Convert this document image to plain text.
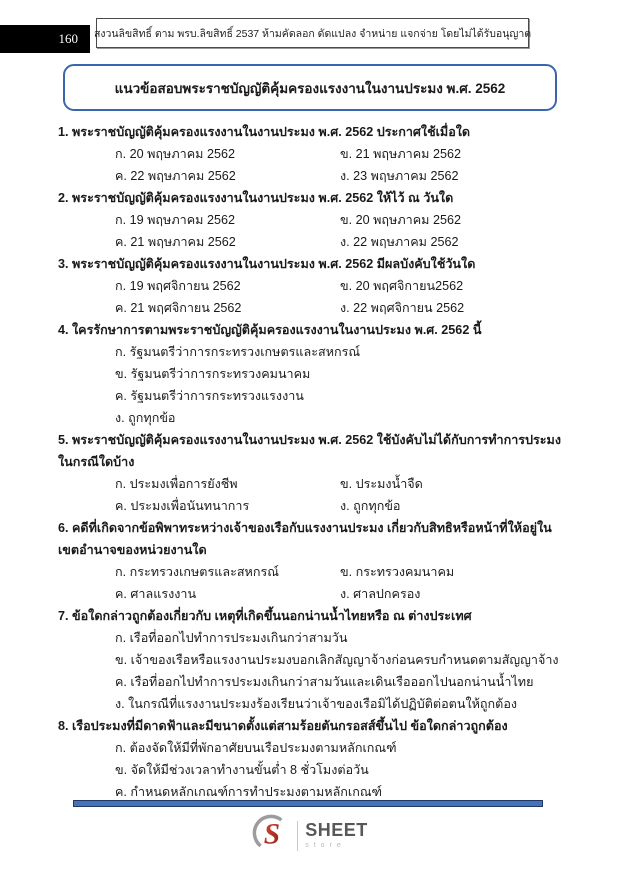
160 สงวนลิขสิทธิ์ ตาม พรบ.ลิขสิทธิ์ 2537 ห้ามคัดลอก ดัดแปลง จำหน่าย แจกจ่าย โดยไม่ได้รับอนุญาต
แนวข้อสอบพระราชบัญญัติคุ้มครองแรงงานในงานประมง พ.ศ. 2562
1. พระราชบัญญัติคุ้มครองแรงงานในงานประมง พ.ศ. 2562 ประกาศใช้เมื่อใด
ก. 20 พฤษภาคม 2562	ข. 21 พฤษภาคม 2562
ค. 22 พฤษภาคม 2562	ง. 23 พฤษภาคม 2562
2. พระราชบัญญัติคุ้มครองแรงงานในงานประมง พ.ศ. 2562 ให้ไว้ ณ วันใด
ก. 19 พฤษภาคม 2562	ข. 20 พฤษภาคม 2562
ค. 21 พฤษภาคม 2562	ง. 22 พฤษภาคม 2562
3. พระราชบัญญัติคุ้มครองแรงงานในงานประมง พ.ศ. 2562 มีผลบังคับใช้วันใด
ก. 19 พฤศจิกายน 2562	ข. 20 พฤศจิกายน2562
ค. 21 พฤศจิกายน 2562	ง. 22 พฤศจิกายน 2562
4. ใครรักษาการตามพระราชบัญญัติคุ้มครองแรงงานในงานประมง พ.ศ. 2562 นี้
ก. รัฐมนตรีว่าการกระทรวงเกษตรและสหกรณ์
ข. รัฐมนตรีว่าการกระทรวงคมนาคม
ค. รัฐมนตรีว่าการกระทรวงแรงงาน
ง. ถูกทุกข้อ
5. พระราชบัญญัติคุ้มครองแรงงานในงานประมง พ.ศ. 2562 ใช้บังคับไม่ได้กับการทำการประมงในกรณีใดบ้าง
ก. ประมงเพื่อการยังชีพ	ข. ประมงน้ำจืด
ค. ประมงเพื่อนันทนาการ	ง. ถูกทุกข้อ
6. คดีที่เกิดจากข้อพิพาทระหว่างเจ้าของเรือกับแรงงานประมง เกี่ยวกับสิทธิหรือหน้าที่ให้อยู่ในเขตอำนาจของหน่วยงานใด
ก. กระทรวงเกษตรและสหกรณ์	ข. กระทรวงคมนาคม
ค. ศาลแรงงาน	ง. ศาลปกครอง
7. ข้อใดกล่าวถูกต้องเกี่ยวกับ เหตุที่เกิดขึ้นนอกน่านน้ำไทยหรือ ณ ต่างประเทศ
ก. เรือที่ออกไปทำการประมงเกินกว่าสามวัน
ข. เจ้าของเรือหรือแรงงานประมงบอกเลิกสัญญาจ้างก่อนครบกำหนดตามสัญญาจ้าง
ค. เรือที่ออกไปทำการประมงเกินกว่าสามวันและเดินเรือออกไปนอกน่านน้ำไทย
ง. ในกรณีที่แรงงานประมงร้องเรียนว่าเจ้าของเรือมิได้ปฏิบัติต่อตนให้ถูกต้อง
8. เรือประมงที่มีดาดฟ้าและมีขนาดตั้งแต่สามร้อยตันกรอสส์ขึ้นไป ข้อใดกล่าวถูกต้อง
ก. ต้องจัดให้มีที่พักอาศัยบนเรือประมงตามหลักเกณฑ์
ข. จัดให้มีช่วงเวลาทำงานขั้นต่ำ 8 ชั่วโมงต่อวัน
ค. กำหนดหลักเกณฑ์การทำประมงตามหลักเกณฑ์
S SHEET
store
